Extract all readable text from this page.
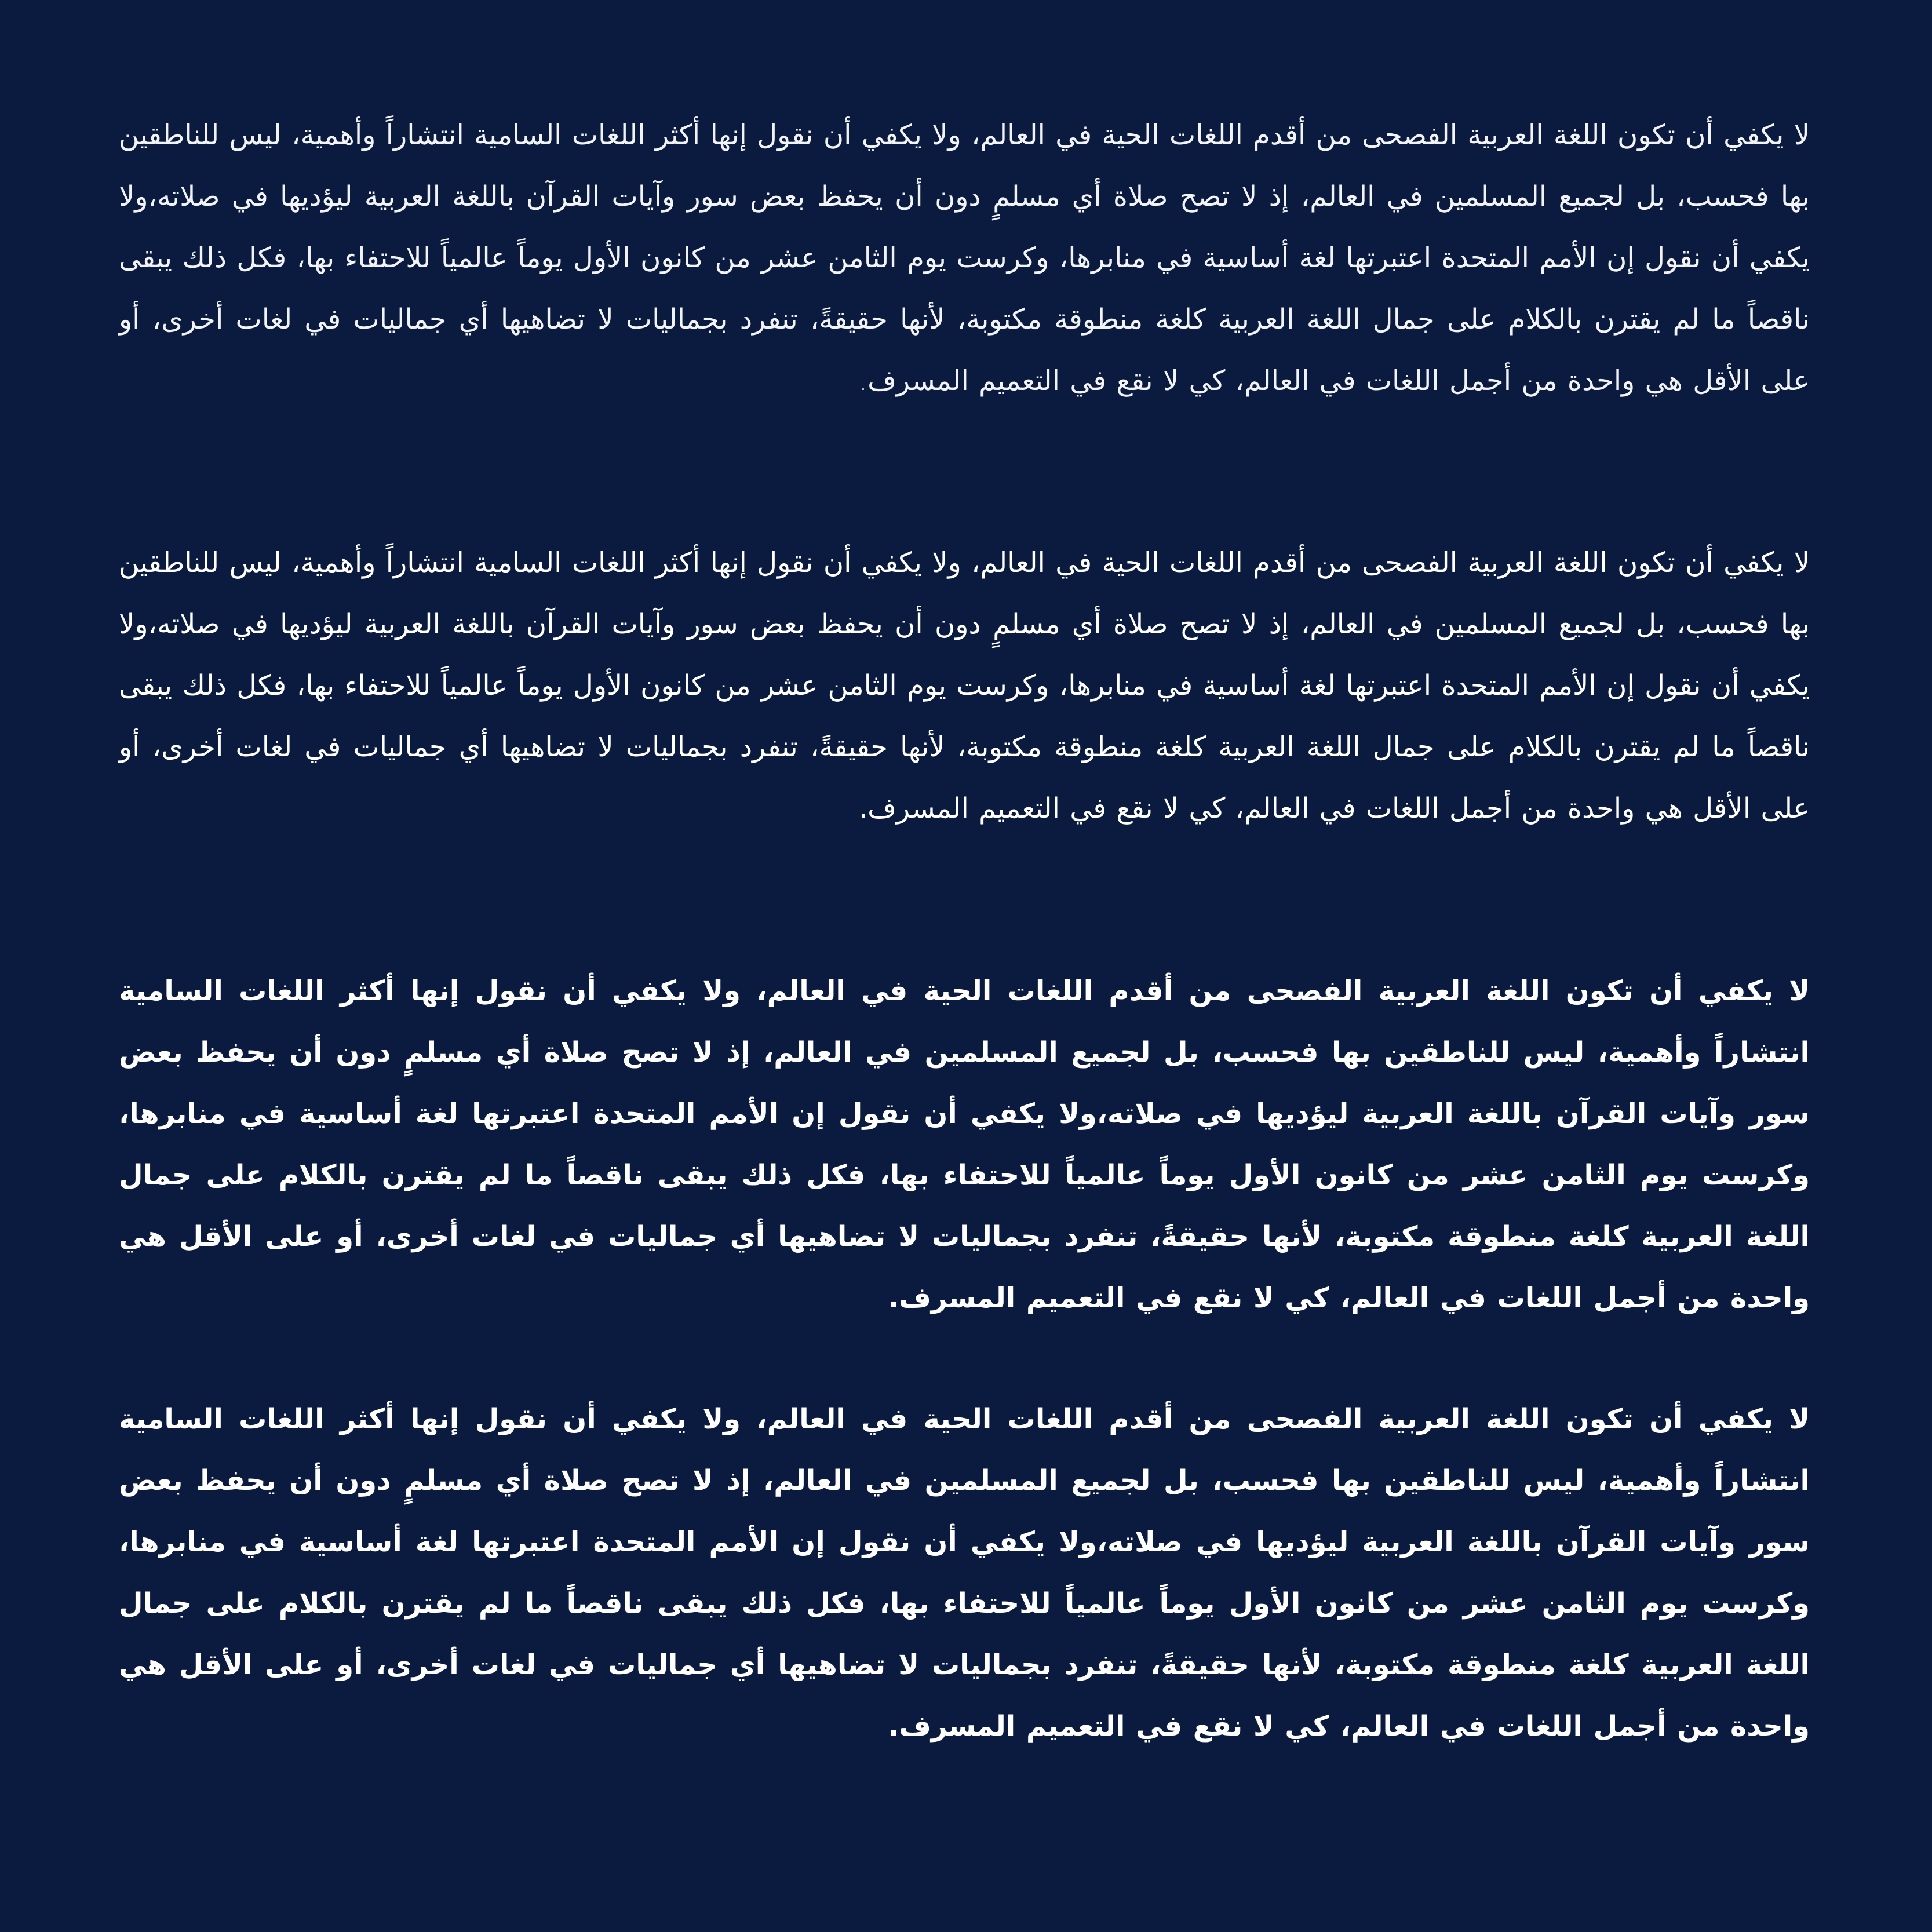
لا يكفي أن تكون اللغة العربية الفصحى من أقدم اللغات الحية في العالم، ولا يكفي أن نقول إنها أكثر اللغات السامية انتشاراً وأهمية، ليس للناطقين بها فحسب، بل لجميع المسلمين في العالم، إذ لا تصح صلاة أي مسلمٍ دون أن يحفظ بعض سور وآيات القرآن باللغة العربية ليؤديها في صلاته،ولا يكفي أن نقول إن الأمم المتحدة اعتبرتها لغة أساسية في منابرها، وكرست يوم الثامن عشر من كانون الأول يوماً عالمياً للاحتفاء بها، فكل ذلك يبقى ناقصاً ما لم يقترن بالكلام على جمال اللغة العربية كلغة منطوقة مكتوبة، لأنها حقيقةً، تنفرد بجماليات لا تضاهيها أي جماليات في لغات أخرى، أو على الأقل هي واحدة من أجمل اللغات في العالم، كي لا نقع في التعميم المسرف.

لا يكفي أن تكون اللغة العربية الفصحى من أقدم اللغات الحية في العالم، ولا يكفي أن نقول إنها أكثر اللغات السامية انتشاراً وأهمية، ليس للناطقين بها فحسب، بل لجميع المسلمين في العالم، إذ لا تصح صلاة أي مسلمٍ دون أن يحفظ بعض سور وآيات القرآن باللغة العربية ليؤديها في صلاته،ولا يكفي أن نقول إن الأمم المتحدة اعتبرتها لغة أساسية في منابرها، وكرست يوم الثامن عشر من كانون الأول يوماً عالمياً للاحتفاء بها، فكل ذلك يبقى ناقصاً ما لم يقترن بالكلام على جمال اللغة العربية كلغة منطوقة مكتوبة، لأنها حقيقةً، تنفرد بجماليات لا تضاهيها أي جماليات في لغات أخرى، أو على الأقل هي واحدة من أجمل اللغات في العالم، كي لا نقع في التعميم المسرف.

لا يكفي أن تكون اللغة العربية الفصحى من أقدم اللغات الحية في العالم، ولا يكفي أن نقول إنها أكثر اللغات السامية انتشاراً وأهمية، ليس للناطقين بها فحسب، بل لجميع المسلمين في العالم، إذ لا تصح صلاة أي مسلمٍ دون أن يحفظ بعض سور وآيات القرآن باللغة العربية ليؤديها في صلاته،ولا يكفي أن نقول إن الأمم المتحدة اعتبرتها لغة أساسية في منابرها، وكرست يوم الثامن عشر من كانون الأول يوماً عالمياً للاحتفاء بها، فكل ذلك يبقى ناقصاً ما لم يقترن بالكلام على جمال اللغة العربية كلغة منطوقة مكتوبة، لأنها حقيقةً، تنفرد بجماليات لا تضاهيها أي جماليات في لغات أخرى، أو على الأقل هي واحدة من أجمل اللغات في العالم، كي لا نقع في التعميم المسرف.

لا يكفي أن تكون اللغة العربية الفصحى من أقدم اللغات الحية في العالم، ولا يكفي أن نقول إنها أكثر اللغات السامية انتشاراً وأهمية، ليس للناطقين بها فحسب، بل لجميع المسلمين في العالم، إذ لا تصح صلاة أي مسلمٍ دون أن يحفظ بعض سور وآيات القرآن باللغة العربية ليؤديها في صلاته،ولا يكفي أن نقول إن الأمم المتحدة اعتبرتها لغة أساسية في منابرها، وكرست يوم الثامن عشر من كانون الأول يوماً عالمياً للاحتفاء بها، فكل ذلك يبقى ناقصاً ما لم يقترن بالكلام على جمال اللغة العربية كلغة منطوقة مكتوبة، لأنها حقيقةً، تنفرد بجماليات لا تضاهيها أي جماليات في لغات أخرى، أو على الأقل هي واحدة من أجمل اللغات في العالم، كي لا نقع في التعميم المسرف.
